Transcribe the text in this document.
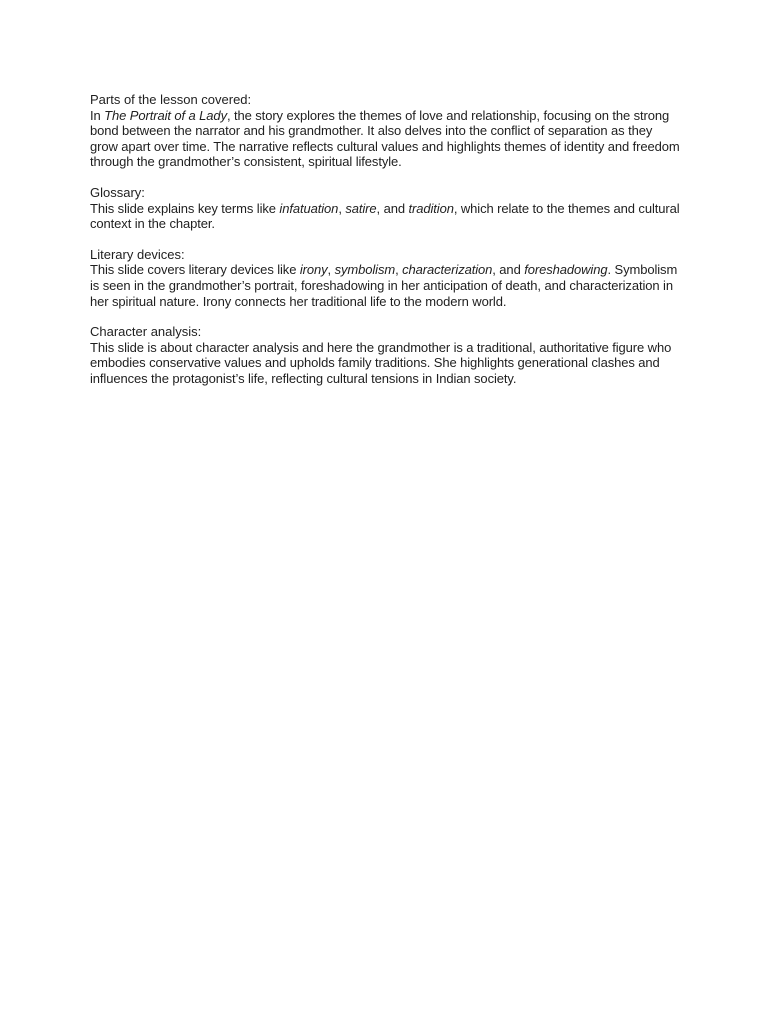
Parts of the lesson covered:

In The Portrait of a Lady, the story explores the themes of love and relationship, focusing on the strong bond between the narrator and his grandmother. It also delves into the conflict of separation as they grow apart over time. The narrative reflects cultural values and highlights themes of identity and freedom through the grandmother’s consistent, spiritual lifestyle.

Glossary:

This slide explains key terms like infatuation, satire, and tradition, which relate to the themes and cultural context in the chapter.

Literary devices:

This slide covers literary devices like irony, symbolism, characterization, and foreshadowing. Symbolism is seen in the grandmother’s portrait, foreshadowing in her anticipation of death, and characterization in her spiritual nature. Irony connects her traditional life to the modern world.

Character analysis:

This slide is about character analysis and here the grandmother is a traditional, authoritative figure who embodies conservative values and upholds family traditions. She highlights generational clashes and influences the protagonist’s life, reflecting cultural tensions in Indian society.
